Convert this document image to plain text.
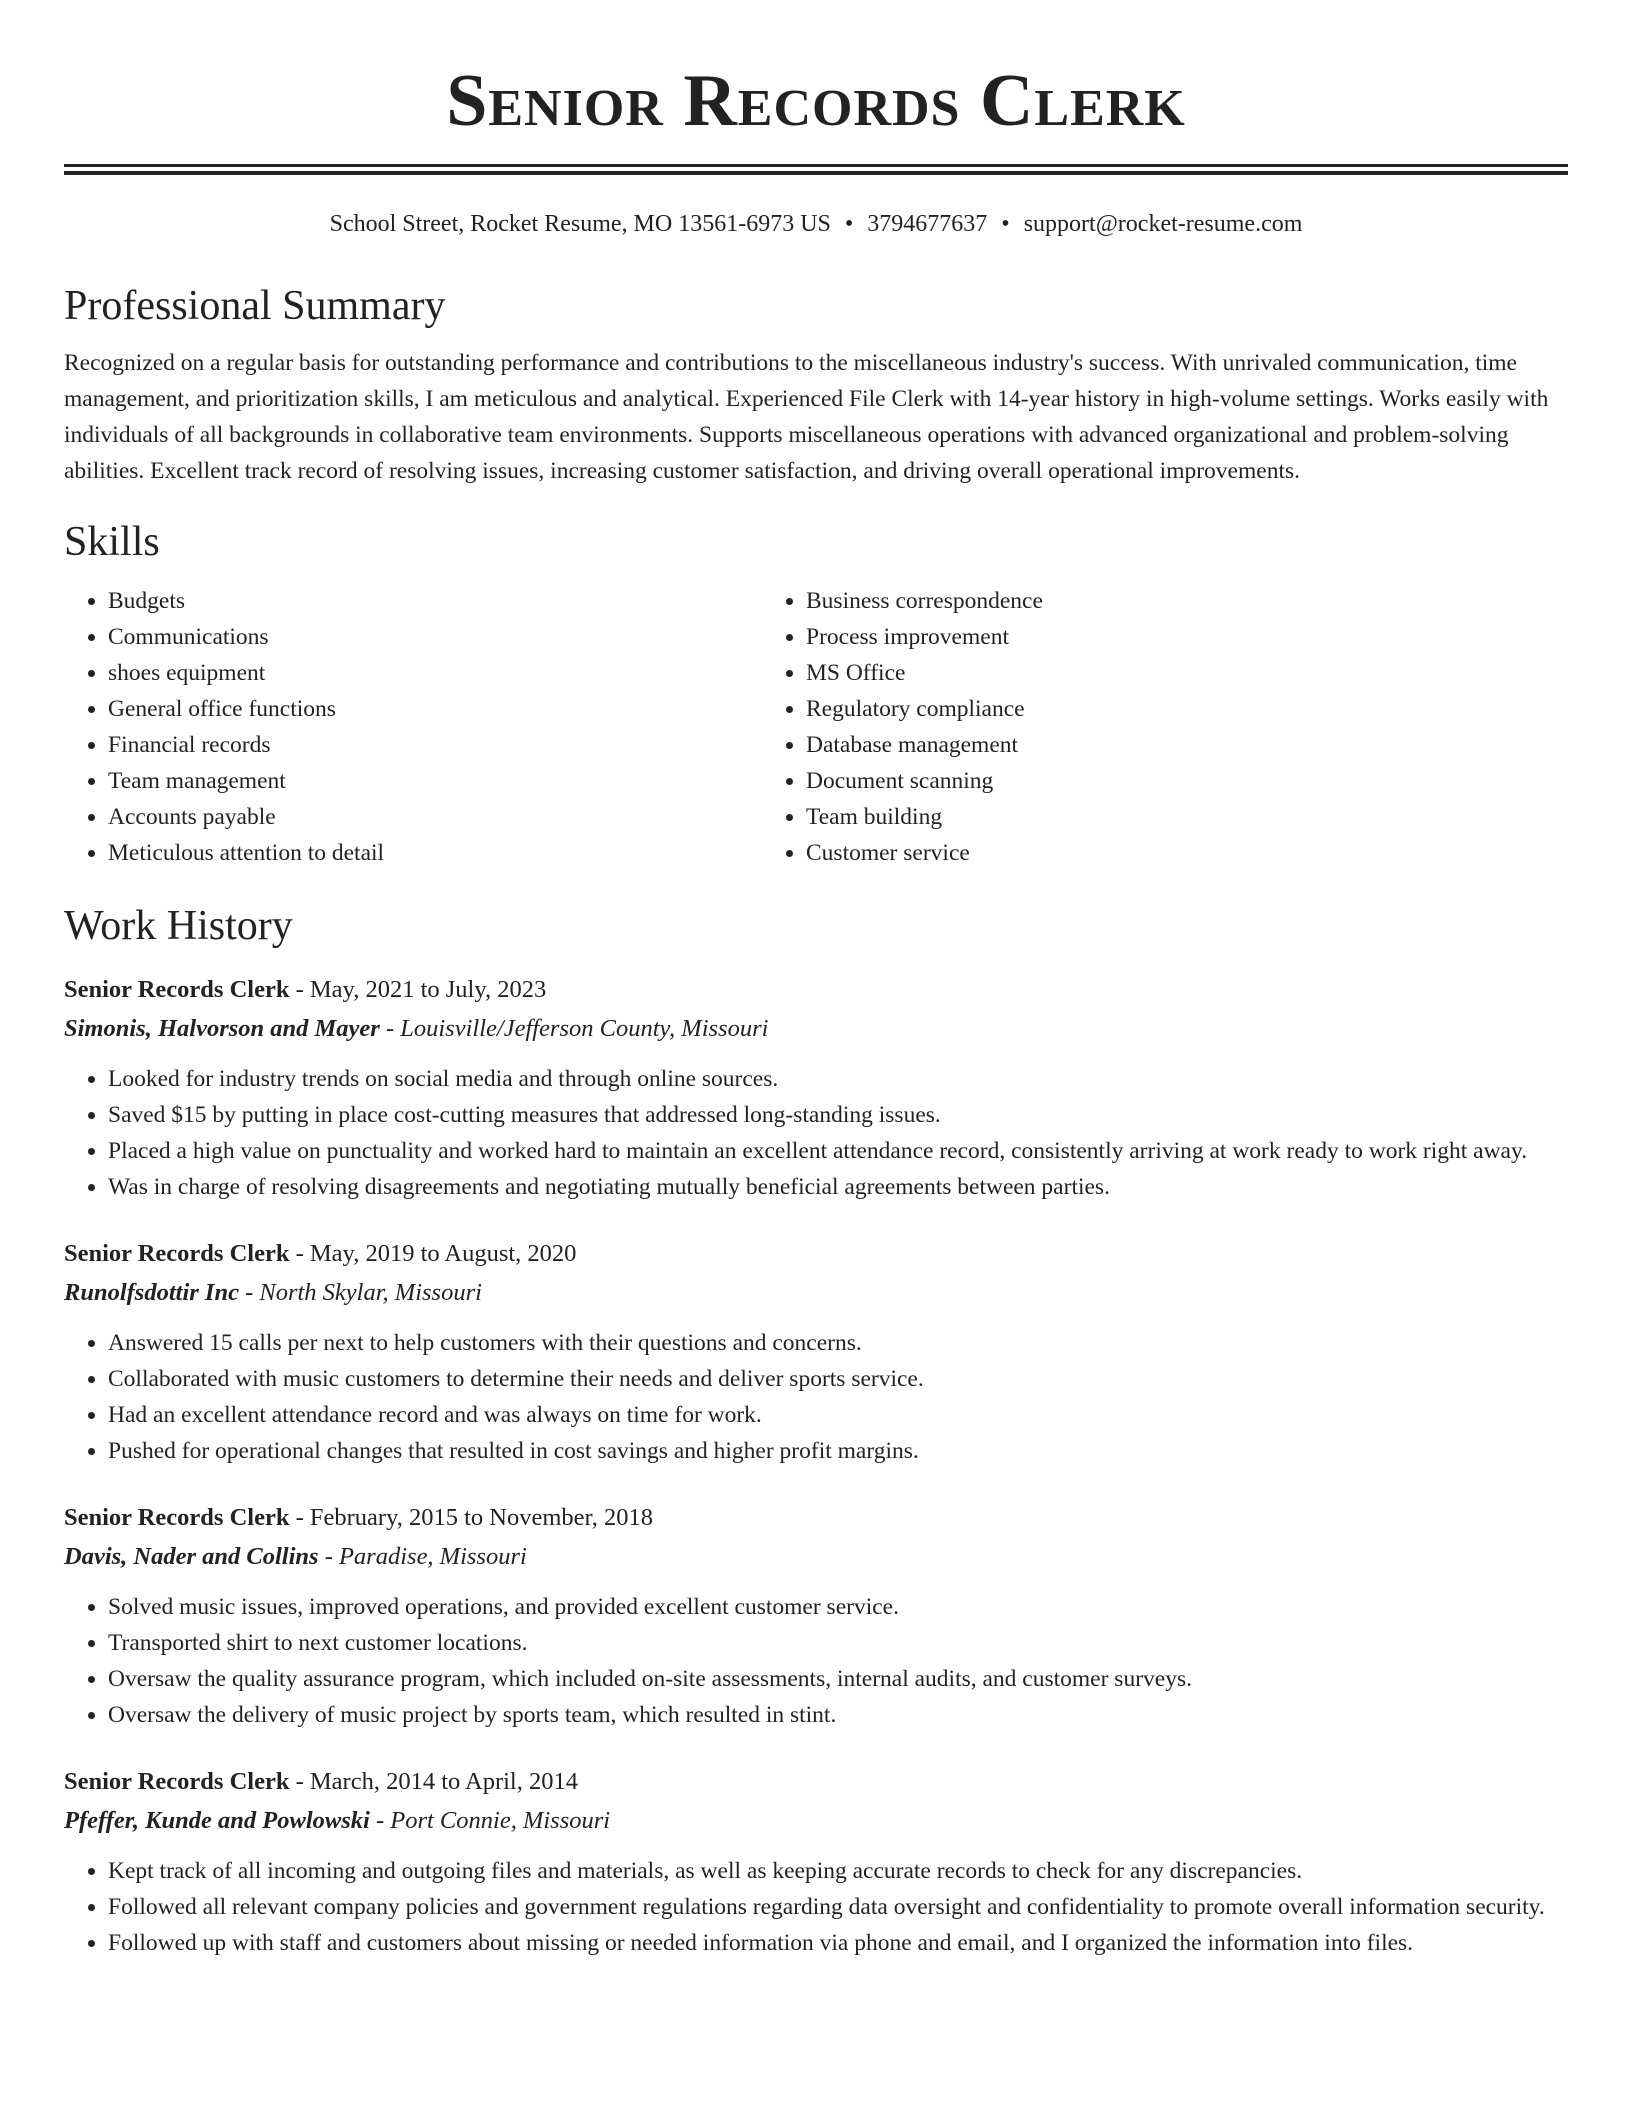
Senior Records Clerk
School Street, Rocket Resume, MO 13561-6973 US • 3794677637 • support@rocket-resume.com
Professional Summary

Recognized on a regular basis for outstanding performance and contributions to the miscellaneous industry's success. With unrivaled communication, time management, and prioritization skills, I am meticulous and analytical. Experienced File Clerk with 14-year history in high-volume settings. Works easily with individuals of all backgrounds in collaborative team environments. Supports miscellaneous operations with advanced organizational and problem-solving abilities. Excellent track record of resolving issues, increasing customer satisfaction, and driving overall operational improvements.

Skills
• Budgets
• Communications
• shoes equipment
• General office functions
• Financial records
• Team management
• Accounts payable
• Meticulous attention to detail
• Business correspondence
• Process improvement
• MS Office
• Regulatory compliance
• Database management
• Document scanning
• Team building
• Customer service
Work History
Senior Records Clerk - May, 2021 to July, 2023
Simonis, Halvorson and Mayer - Louisville/Jefferson County, Missouri
• Looked for industry trends on social media and through online sources.
• Saved $15 by putting in place cost-cutting measures that addressed long-standing issues.
• Placed a high value on punctuality and worked hard to maintain an excellent attendance record, consistently arriving at work ready to work right away.
• Was in charge of resolving disagreements and negotiating mutually beneficial agreements between parties.
Senior Records Clerk - May, 2019 to August, 2020
Runolfsdottir Inc - North Skylar, Missouri
• Answered 15 calls per next to help customers with their questions and concerns.
• Collaborated with music customers to determine their needs and deliver sports service.
• Had an excellent attendance record and was always on time for work.
• Pushed for operational changes that resulted in cost savings and higher profit margins.
Senior Records Clerk - February, 2015 to November, 2018
Davis, Nader and Collins - Paradise, Missouri
• Solved music issues, improved operations, and provided excellent customer service.
• Transported shirt to next customer locations.
• Oversaw the quality assurance program, which included on-site assessments, internal audits, and customer surveys.
• Oversaw the delivery of music project by sports team, which resulted in stint.
Senior Records Clerk - March, 2014 to April, 2014
Pfeffer, Kunde and Powlowski - Port Connie, Missouri
• Kept track of all incoming and outgoing files and materials, as well as keeping accurate records to check for any discrepancies.
• Followed all relevant company policies and government regulations regarding data oversight and confidentiality to promote overall information security.
• Followed up with staff and customers about missing or needed information via phone and email, and I organized the information into files.
